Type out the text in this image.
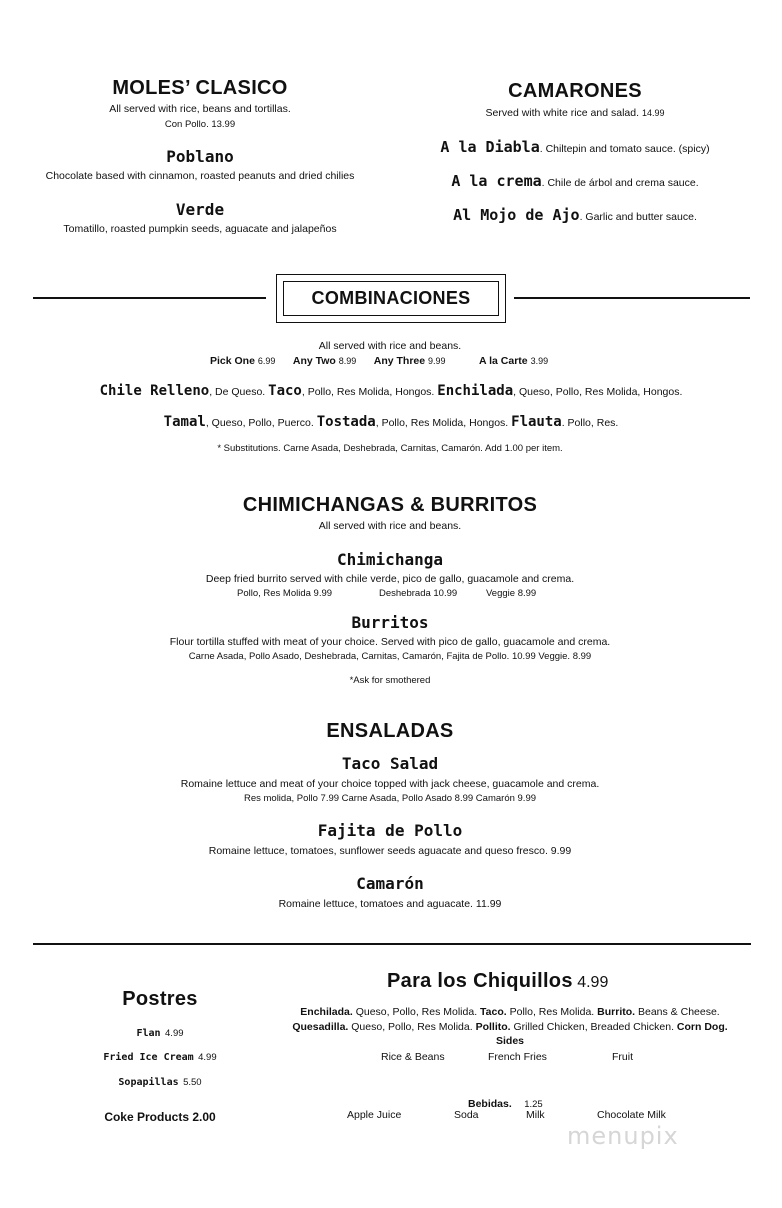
MOLES’ CLASICO
All served with rice, beans and tortillas.
Con Pollo. 13.99
Poblano
Chocolate based with cinnamon, roasted peanuts and dried chilies
Verde
Tomatillo, roasted pumpkin seeds, aguacate and jalapeños
CAMARONES
Served with white rice and salad. 14.99
A la Diabla. Chiltepin and tomato sauce. (spicy)
A la crema. Chile de árbol and crema sauce.
Al Mojo de Ajo. Garlic and butter sauce.
COMBINACIONES
All served with rice and beans.
Pick One 6.99 Any Two 8.99 Any Three 9.99	A la Carte 3.99
Chile Relleno, De Queso. Taco, Pollo, Res Molida, Hongos. Enchilada, Queso, Pollo, Res Molida, Hongos.
Tamal, Queso, Pollo, Puerco. Tostada, Pollo, Res Molida, Hongos. Flauta. Pollo, Res.
* Substitutions. Carne Asada, Deshebrada, Carnitas, Camarón. Add 1.00 per item.
CHIMICHANGAS & BURRITOS
All served with rice and beans.
Chimichanga
Deep fried burrito served with chile verde, pico de gallo, guacamole and crema.
Pollo, Res Molida 9.99	Deshebrada 10.99	Veggie 8.99
Burritos
Flour tortilla stuffed with meat of your choice. Served with pico de gallo, guacamole and crema.
Carne Asada, Pollo Asado, Deshebrada, Carnitas, Camarón, Fajita de Pollo. 10.99 Veggie. 8.99
*Ask for smothered
ENSALADAS
Taco Salad
Romaine lettuce and meat of your choice topped with jack cheese, guacamole and crema.
Res molida, Pollo 7.99 Carne Asada, Pollo Asado 8.99 Camarón 9.99
Fajita de Pollo
Romaine lettuce, tomatoes, sunflower seeds aguacate and queso fresco. 9.99
Camarón
Romaine lettuce, tomatoes and aguacate. 11.99
Postres
Flan 4.99
Fried Ice Cream 4.99
Sopapillas 5.50
Coke Products 2.00
Para los Chiquillos 4.99
Enchilada. Queso, Pollo, Res Molida. Taco. Pollo, Res Molida. Burrito. Beans & Cheese.
Quesadilla. Queso, Pollo, Res Molida. Pollito. Grilled Chicken, Breaded Chicken. Corn Dog.
Sides
Rice & Beans	French Fries	Fruit
Bebidas. 1.25
Apple Juice	Soda	Milk	Chocolate Milk
menupix
